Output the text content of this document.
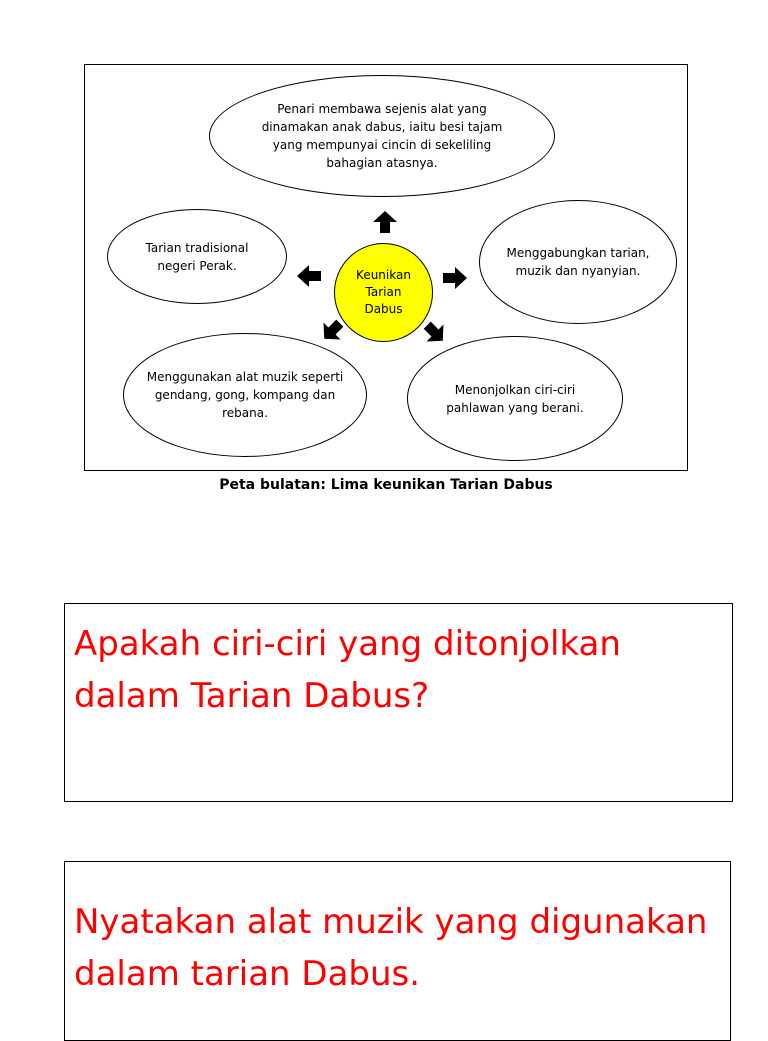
Penari membawa sejenis alat yang dinamakan anak dabus, iaitu besi tajam yang mempunyai cincin di sekeliling bahagian atasnya.
Tarian tradisional negeri Perak.
Menggabungkan tarian, muzik dan nyanyian.
Menggunakan alat muzik seperti gendang, gong, kompang dan rebana.
Menonjolkan ciri-ciri pahlawan yang berani.
Keunikan Tarian Dabus
Peta bulatan: Lima keunikan Tarian Dabus
Apakah ciri-ciri yang ditonjolkan dalam Tarian Dabus?
Nyatakan alat muzik yang digunakan dalam tarian Dabus.
